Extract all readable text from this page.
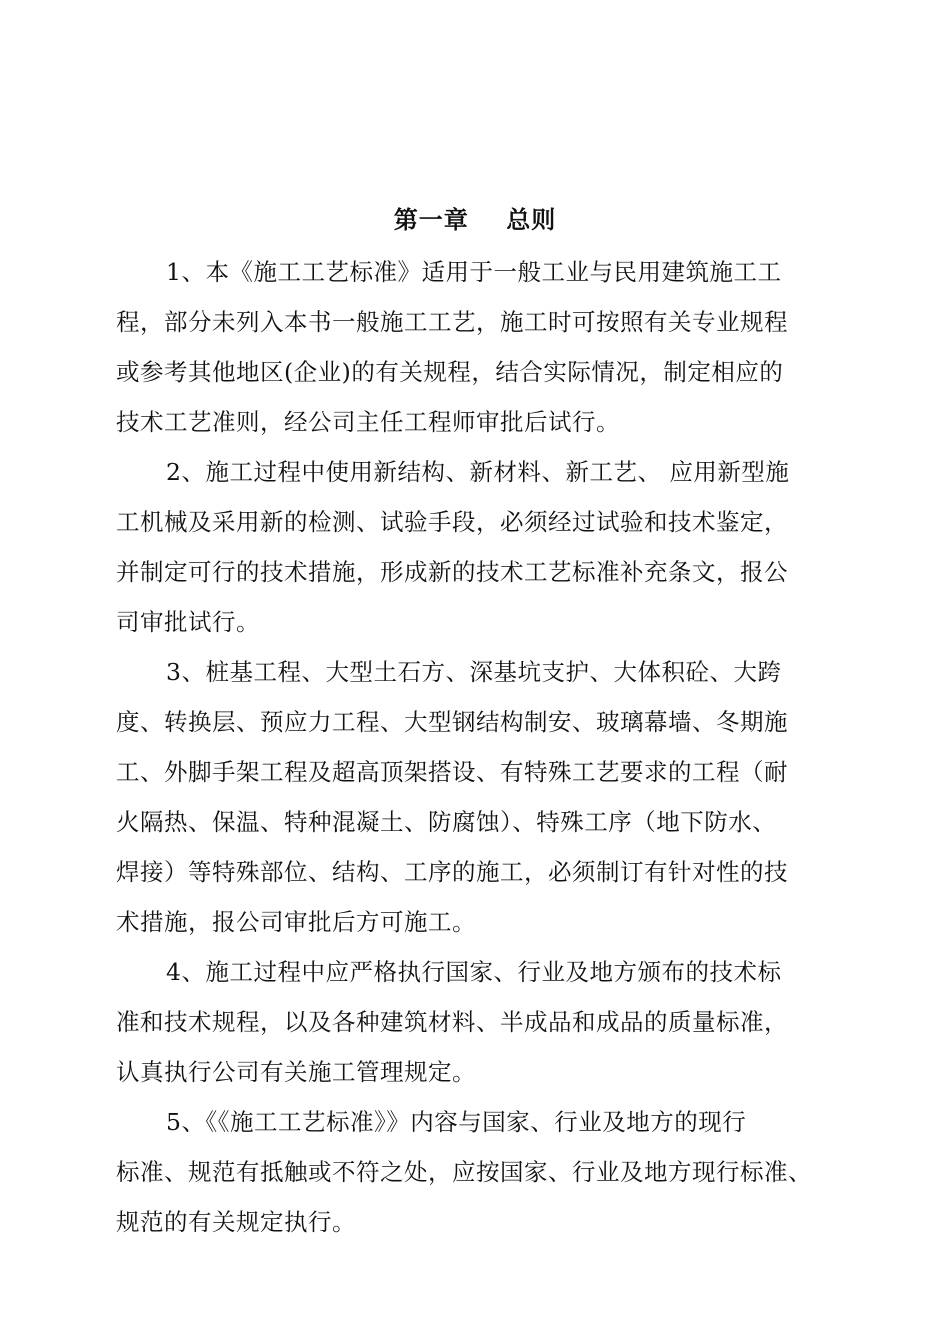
第一章    总则
1、本《施工工艺标准》适用于一般工业与民用建筑施工工
程，部分未列入本书一般施工工艺，施工时可按照有关专业规程
或参考其他地区(企业)的有关规程，结合实际情况，制定相应的
技术工艺准则，经公司主任工程师审批后试行。
2、施工过程中使用新结构、新材料、新工艺、 应用新型施
工机械及采用新的检测、试验手段，必须经过试验和技术鉴定，
并制定可行的技术措施，形成新的技术工艺标准补充条文，报公
司审批试行。
3、桩基工程、大型土石方、深基坑支护、大体积砼、大跨
度、转换层、预应力工程、大型钢结构制安、玻璃幕墙、冬期施
工、外脚手架工程及超高顶架搭设、有特殊工艺要求的工程（耐
火隔热、保温、特种混凝土、防腐蚀）、特殊工序（地下防水、
焊接）等特殊部位、结构、工序的施工，必须制订有针对性的技
术措施，报公司审批后方可施工。
4、施工过程中应严格执行国家、行业及地方颁布的技术标
准和技术规程，以及各种建筑材料、半成品和成品的质量标准，
认真执行公司有关施工管理规定。
5、《《施工工艺标准》》内容与国家、行业及地方的现行
标准、规范有抵触或不符之处，应按国家、行业及地方现行标准、
规范的有关规定执行。
